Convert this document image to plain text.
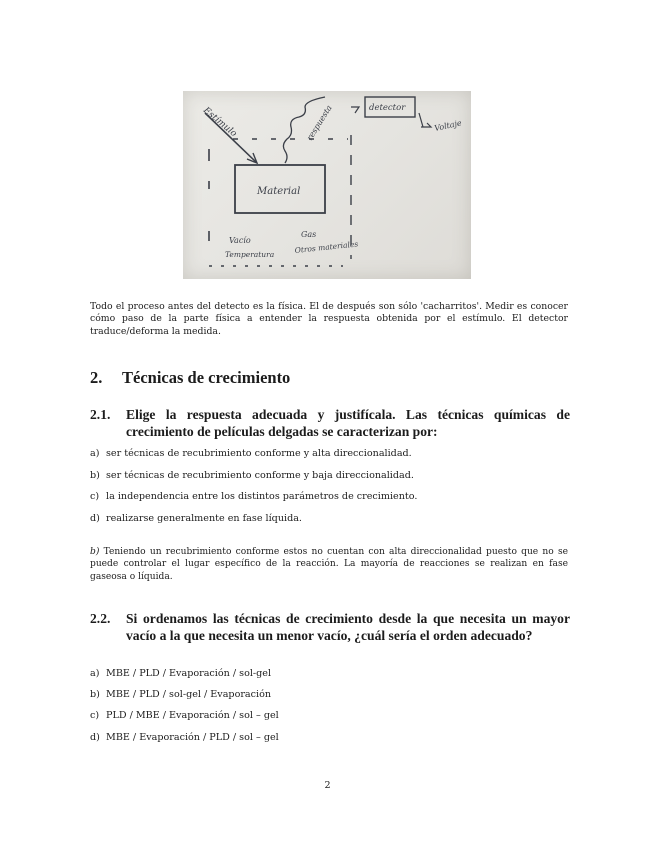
Estímulo
Material
respuesta	detector
Voltaje
Vacío
Temperatura
Gas
Otros materiales

Todo el proceso antes del detecto es la física. El de después son sólo 'cacharritos'. Medir es conocer cómo paso de la parte física a entender la respuesta obtenida por el estímulo. El detector traduce/deforma la medida.

2. Técnicas de crecimiento
2.1. Elige la respuesta adecuada y justifícala. Las técnicas químicas de crecimiento de películas delgadas se caracterizan por:

a) ser técnicas de recubrimiento conforme y alta direccionalidad.

b) ser técnicas de recubrimiento conforme y baja direccionalidad.

c) la independencia entre los distintos parámetros de crecimiento.

d) realizarse generalmente en fase líquida.

b) Teniendo un recubrimiento conforme estos no cuentan con alta direccionalidad puesto que no se puede controlar el lugar específico de la reacción. La mayoría de reacciones se realizan en fase gaseosa o líquida.

2.2. Si ordenamos las técnicas de crecimiento desde la que necesita un mayor vacío a la que necesita un menor vacío, ¿cuál sería el orden adecuado?

a) MBE / PLD / Evaporación / sol-gel

b) MBE / PLD / sol-gel / Evaporación

c) PLD / MBE / Evaporación / sol – gel

d) MBE / Evaporación / PLD / sol – gel

2
